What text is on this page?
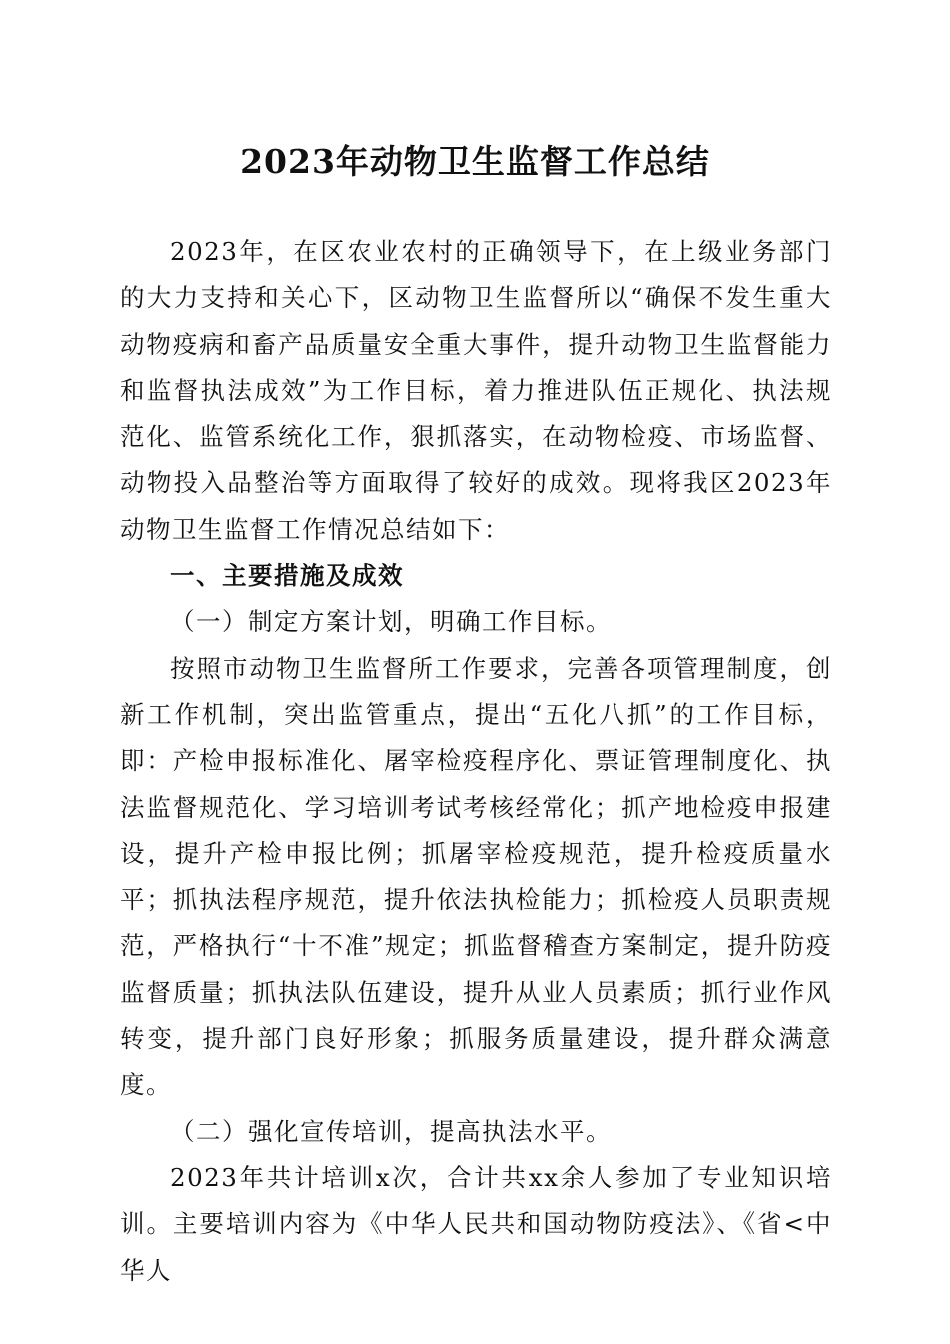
2023年动物卫生监督工作总结

2023年，在区农业农村的正确领导下，在上级业务部门的大力支持和关心下，区动物卫生监督所以“确保不发生重大动物疫病和畜产品质量安全重大事件，提升动物卫生监督能力和监督执法成效”为工作目标，着力推进队伍正规化、执法规范化、监管系统化工作，狠抓落实，在动物检疫、市场监督、动物投入品整治等方面取得了较好的成效。现将我区2023年动物卫生监督工作情况总结如下：

一、主要措施及成效

（一）制定方案计划，明确工作目标。

按照市动物卫生监督所工作要求，完善各项管理制度，创新工作机制，突出监管重点，提出“五化八抓”的工作目标，即：产检申报标准化、屠宰检疫程序化、票证管理制度化、执法监督规范化、学习培训考试考核经常化；抓产地检疫申报建设，提升产检申报比例；抓屠宰检疫规范，提升检疫质量水平；抓执法程序规范，提升依法执检能力；抓检疫人员职责规范，严格执行“十不准”规定；抓监督稽查方案制定，提升防疫监督质量；抓执法队伍建设，提升从业人员素质；抓行业作风转变，提升部门良好形象；抓服务质量建设，提升群众满意度。

（二）强化宣传培训，提高执法水平。

2023年共计培训x次，合计共xx余人参加了专业知识培训。主要培训内容为《中华人民共和国动物防疫法》、《省<中华人
